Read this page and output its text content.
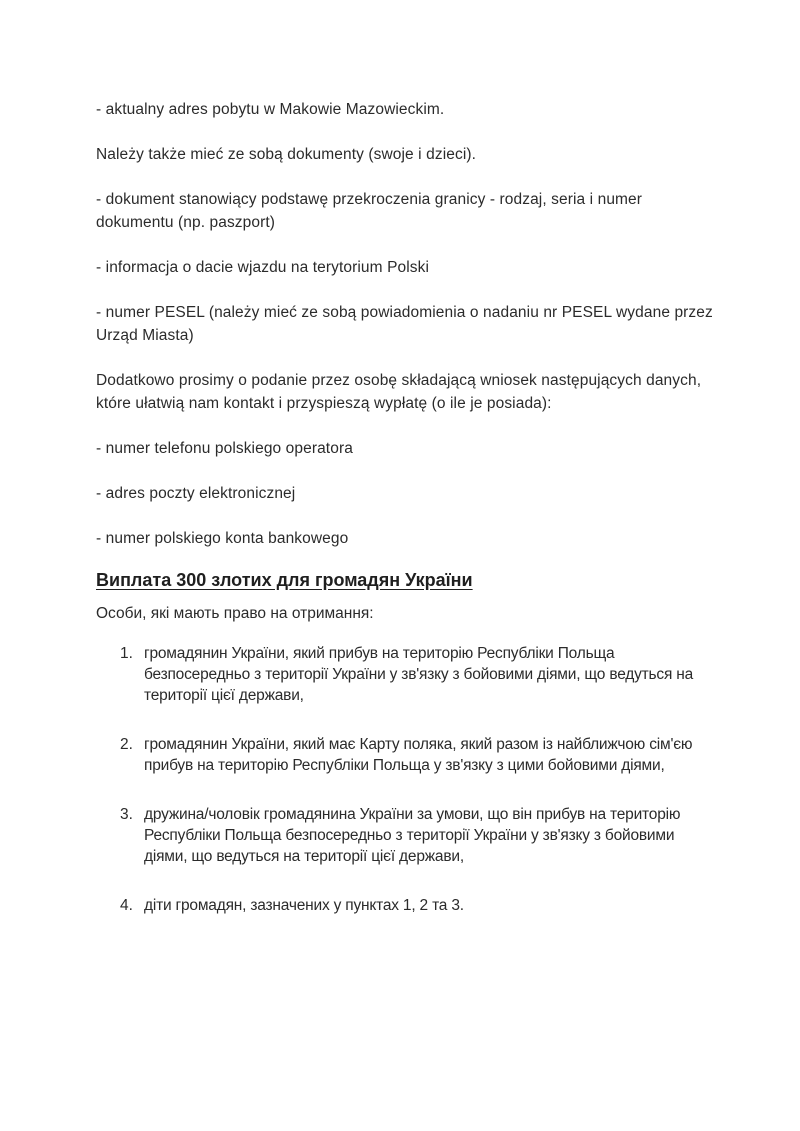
- aktualny adres pobytu w Makowie Mazowieckim.

Należy także mieć ze sobą dokumenty (swoje i dzieci).

- dokument stanowiący podstawę przekroczenia granicy - rodzaj, seria i numer dokumentu (np. paszport)

- informacja o dacie wjazdu na terytorium Polski

- numer PESEL (należy mieć ze sobą powiadomienia o nadaniu nr PESEL wydane przez Urząd Miasta)

Dodatkowo prosimy o podanie przez osobę składającą wniosek następujących danych, które ułatwią nam kontakt i przyspieszą wypłatę (o ile je posiada):

- numer telefonu polskiego operatora

- adres poczty elektronicznej

- numer polskiego konta bankowego

Виплата 300 злотих для громадян України

Особи, які мають право на отримання:

1. громадянин України, який прибув на територію Республіки Польща безпосередньо з території України у зв'язку з бойовими діями, що ведуться на території цієї держави,
2. громадянин України, який має Карту поляка, який разом із найближчою сім'єю прибув на територію Республіки Польща у зв'язку з цими бойовими діями,
3. дружина/чоловік громадянина України за умови, що він прибув на територію Республіки Польща безпосередньо з території України у зв'язку з бойовими діями, що ведуться на території цієї держави,
4. діти громадян, зазначених у пунктах 1, 2 та 3.
